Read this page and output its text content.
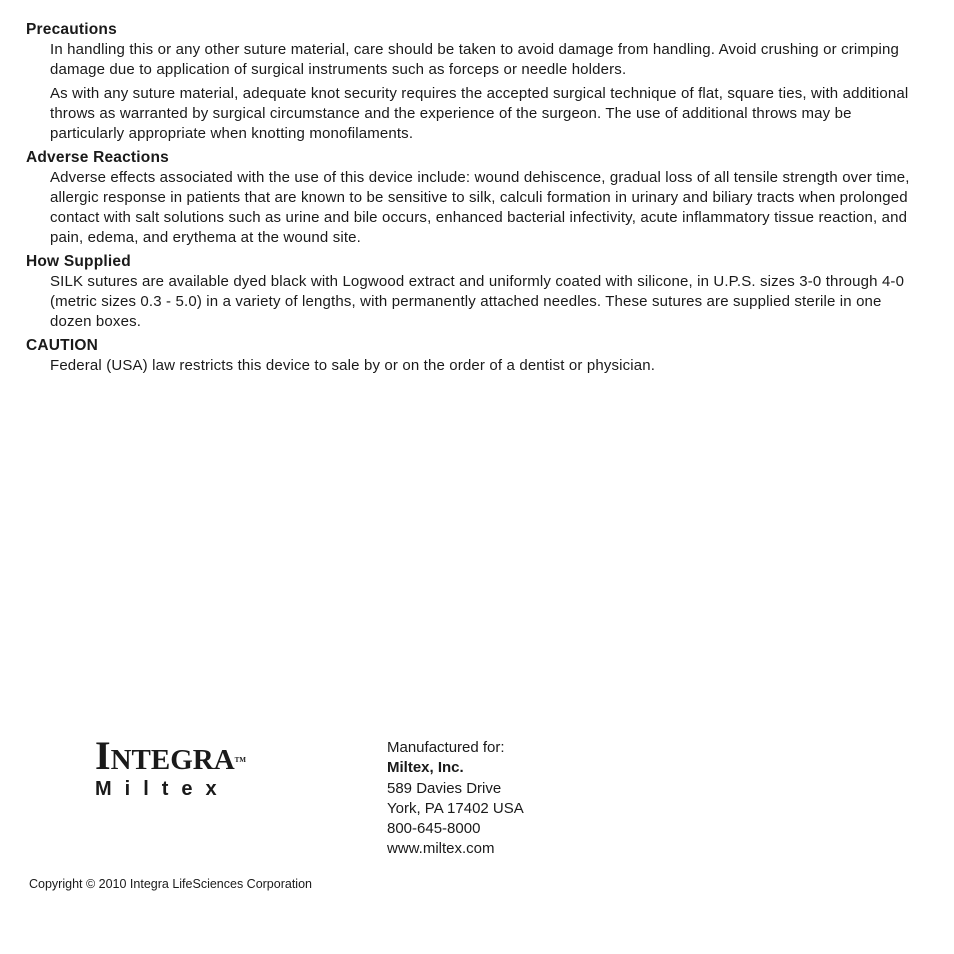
Precautions

In handling this or any other suture material, care should be taken to avoid damage from handling. Avoid crushing or crimping damage due to application of surgical instruments such as forceps or needle holders.

As with any suture material, adequate knot security requires the accepted surgical technique of flat, square ties, with additional throws as warranted by surgical circumstance and the experience of the surgeon. The use of additional throws may be particularly appropriate when knotting monofilaments.

Adverse Reactions

Adverse effects associated with the use of this device include: wound dehiscence, gradual loss of all tensile strength over time, allergic response in patients that are known to be sensitive to silk, calculi formation in urinary and biliary tracts when prolonged contact with salt solutions such as urine and bile occurs, enhanced bacterial infectivity, acute inflammatory tissue reaction, and pain, edema, and erythema at the wound site.

How Supplied

SILK sutures are available dyed black with Logwood extract and uniformly coated with silicone, in U.P.S. sizes 3-0 through 4-0 (metric sizes 0.3 - 5.0) in a variety of lengths, with permanently attached needles. These sutures are supplied sterile in one dozen boxes.

CAUTION

Federal (USA) law restricts this device to sale by or on the order of a dentist or physician.

INTEGRA™
Miltex
Manufactured for:
Miltex, Inc.
589 Davies Drive
York, PA 17402 USA
800-645-8000
www.miltex.com
Copyright © 2010 Integra LifeSciences Corporation
